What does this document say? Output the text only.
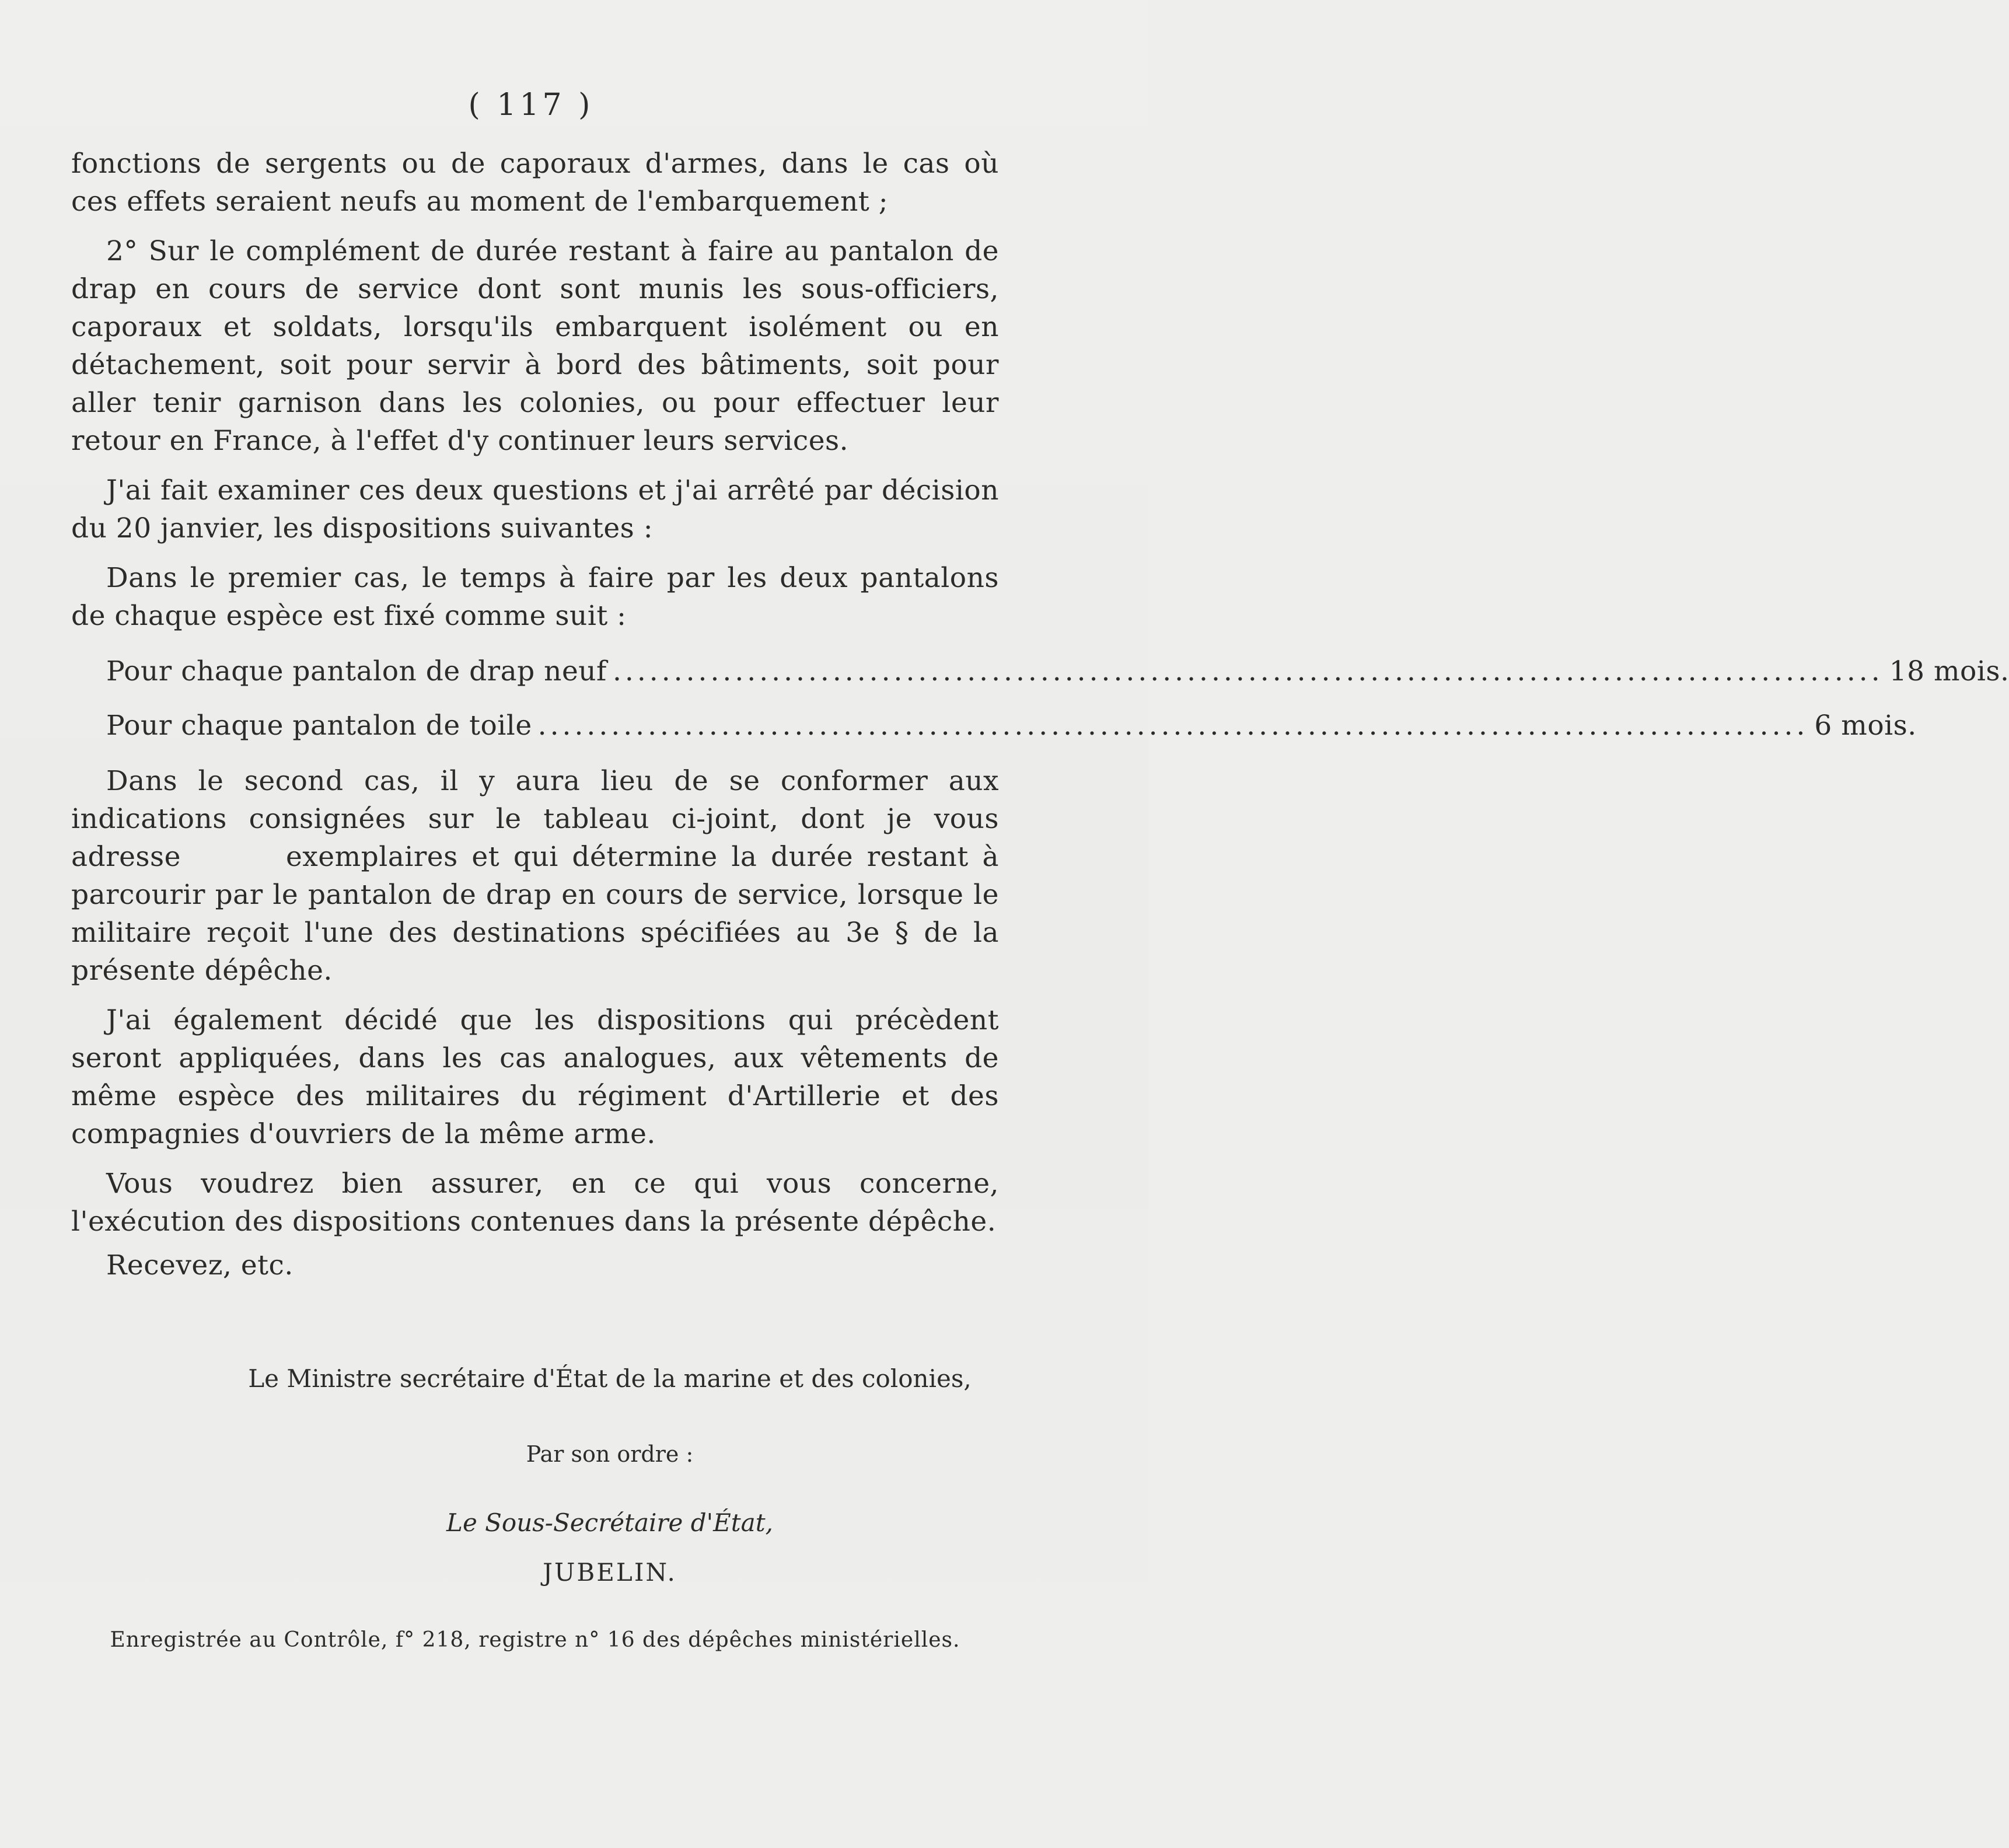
( 117 )

fonctions de sergents ou de caporaux d'armes, dans le cas où ces effets seraient neufs au moment de l'embarquement ;

2° Sur le complément de durée restant à faire au pantalon de drap en cours de service dont sont munis les sous-officiers, caporaux et soldats, lorsqu'ils embarquent isolément ou en détachement, soit pour servir à bord des bâtiments, soit pour aller tenir garnison dans les colonies, ou pour effectuer leur retour en France, à l'effet d'y continuer leurs services.

J'ai fait examiner ces deux questions et j'ai arrêté par décision du 20 janvier, les dispositions suivantes :

Dans le premier cas, le temps à faire par les deux pantalons de chaque espèce est fixé comme suit :

Pour chaque pantalon de drap neuf ........................................................................................................ 18 mois.
Pour chaque pantalon de toile ........................................................................................................ 6 mois.

Dans le second cas, il y aura lieu de se conformer aux indications consignées sur le tableau ci-joint, dont je vous adresse	exemplaires et qui détermine la durée restant à parcourir par le pantalon de drap en cours de service, lorsque le militaire reçoit l'une des destinations spécifiées au 3e § de la présente dépêche.

J'ai également décidé que les dispositions qui précèdent seront appliquées, dans les cas analogues, aux vêtements de même espèce des militaires du régiment d'Artillerie et des compagnies d'ouvriers de la même arme.

Vous voudrez bien assurer, en ce qui vous concerne, l'exécution des dispositions contenues dans la présente dépêche.

Recevez, etc.

Le Ministre secrétaire d'État de la marine et des colonies,
Par son ordre :
Le Sous-Secrétaire d'État,
JUBELIN.
Enregistrée au Contrôle, f° 218, registre n° 16 des dépêches ministérielles.
